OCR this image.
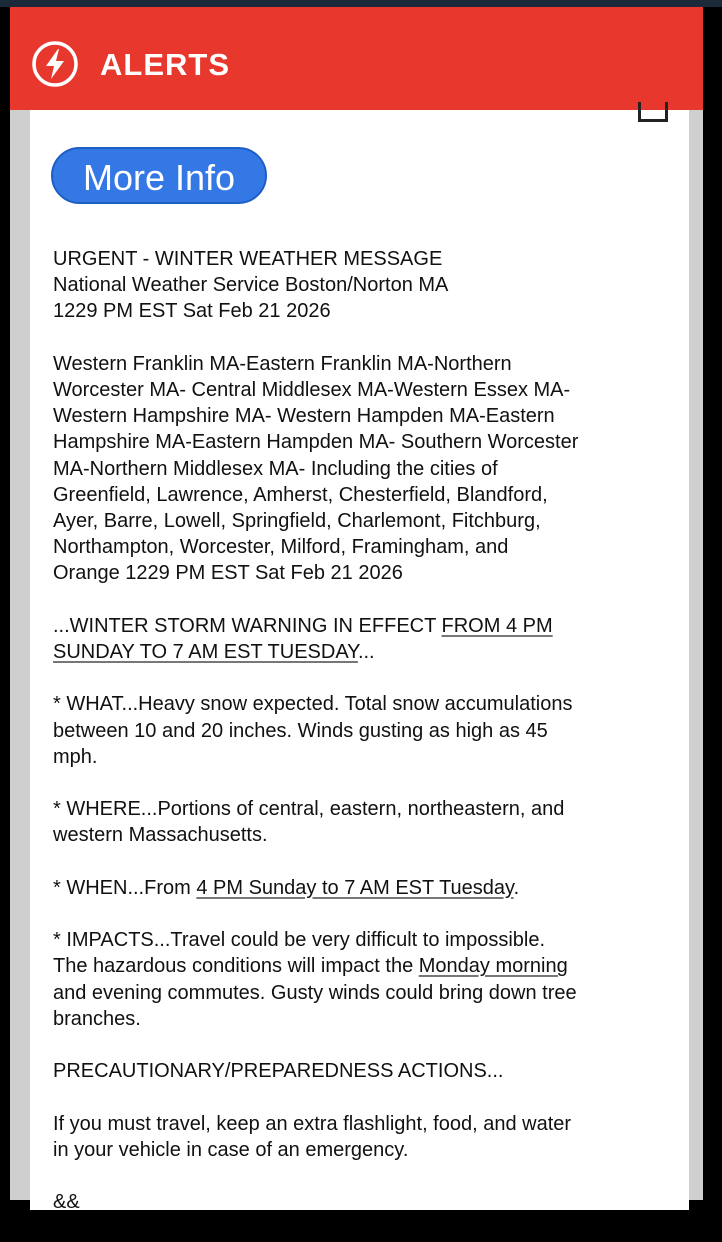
ALERTS
More Info
URGENT - WINTER WEATHER MESSAGE
National Weather Service Boston/Norton MA
1229 PM EST Sat Feb 21 2026
Western Franklin MA-Eastern Franklin MA-Northern
Worcester MA- Central Middlesex MA-Western Essex MA-
Western Hampshire MA- Western Hampden MA-Eastern
Hampshire MA-Eastern Hampden MA- Southern Worcester
MA-Northern Middlesex MA- Including the cities of
Greenfield, Lawrence, Amherst, Chesterfield, Blandford,
Ayer, Barre, Lowell, Springfield, Charlemont, Fitchburg,
Northampton, Worcester, Milford, Framingham, and
Orange 1229 PM EST Sat Feb 21 2026
...WINTER STORM WARNING IN EFFECT FROM 4 PM
SUNDAY TO 7 AM EST TUESDAY...
* WHAT...Heavy snow expected. Total snow accumulations
between 10 and 20 inches. Winds gusting as high as 45
mph.
* WHERE...Portions of central, eastern, northeastern, and
western Massachusetts.
* WHEN...From 4 PM Sunday to 7 AM EST Tuesday.
* IMPACTS...Travel could be very difficult to impossible.
The hazardous conditions will impact the Monday morning
and evening commutes. Gusty winds could bring down tree
branches.
PRECAUTIONARY/PREPAREDNESS ACTIONS...
If you must travel, keep an extra flashlight, food, and water
in your vehicle in case of an emergency.
&&
